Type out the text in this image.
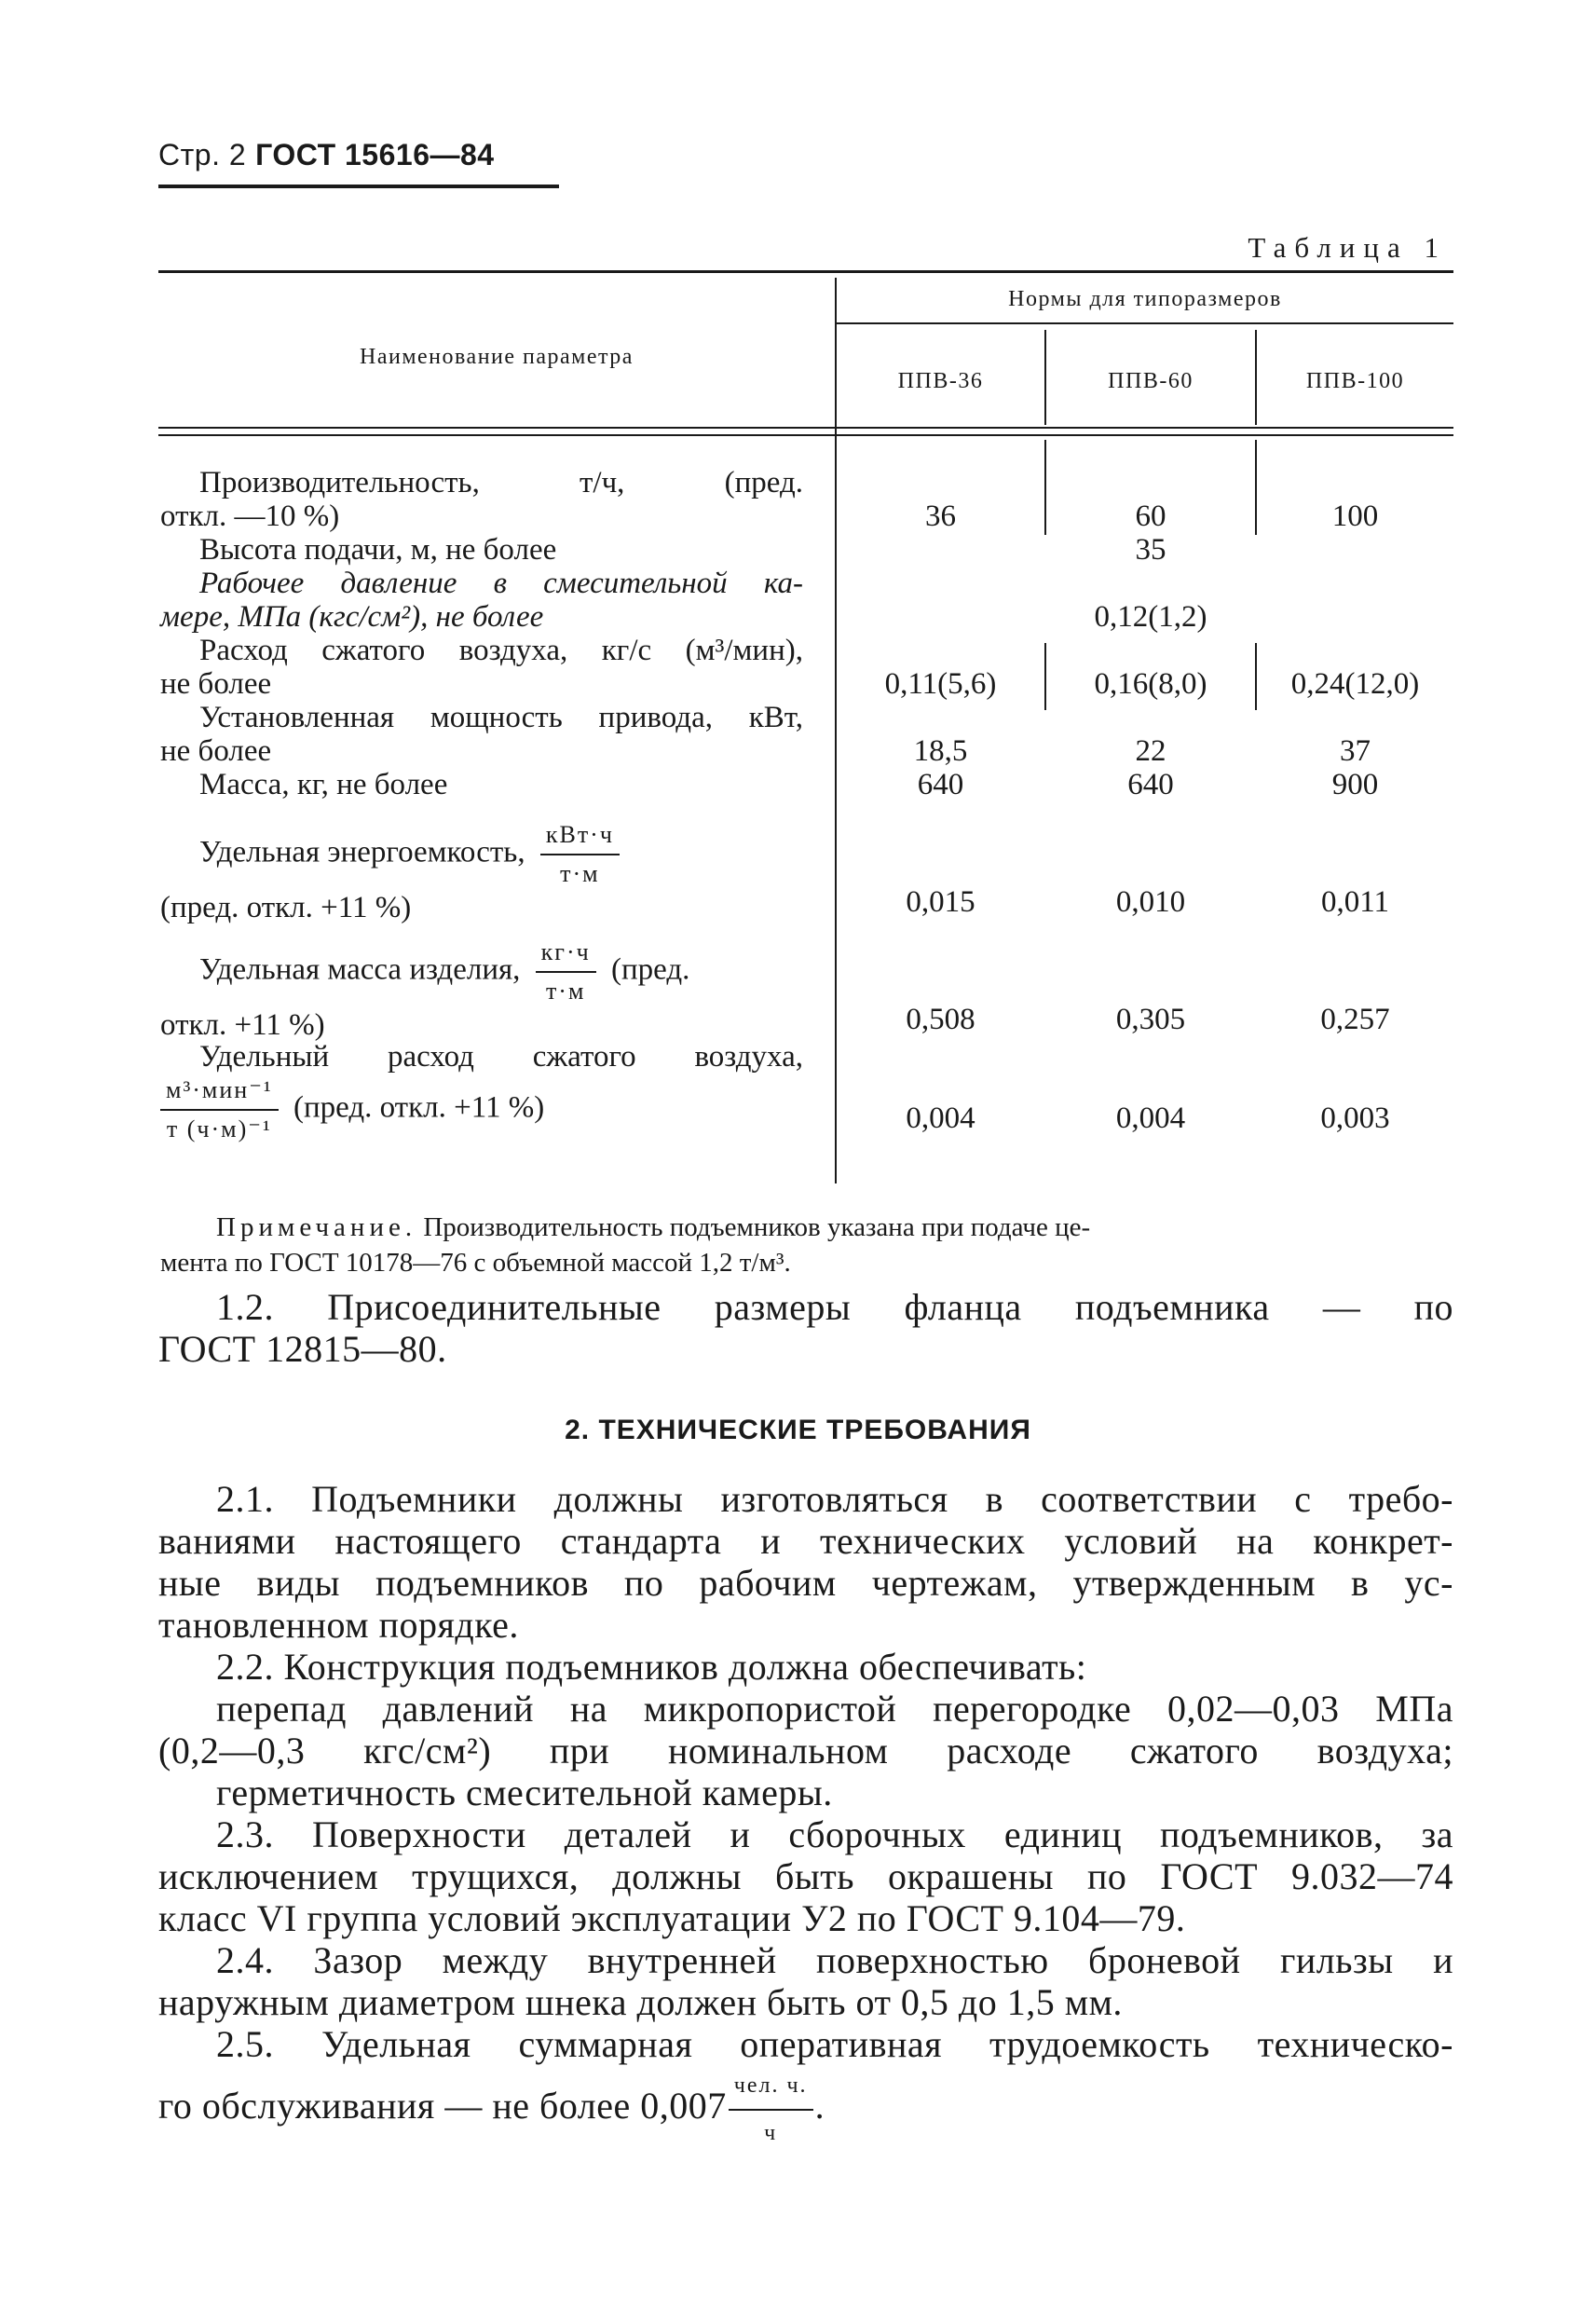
Стр. 2 ГОСТ 15616—84
Таблица 1
Наименование параметра
Нормы для типоразмеров
ППВ-36	ППВ-60	ППВ-100
Производительность, т/ч, (пред.
откл. —10 %)	36	60	100
Высота подачи, м, не более	35
Рабочее давление в смесительной ка-
мере, МПа (кгс/см²), не более	0,12(1,2)
Расход сжатого воздуха, кг/с (м³/мин),
не более	0,11(5,6)	0,16(8,0)	0,24(12,0)
Установленная мощность привода, кВт,
не более	18,5	22	37
Масса, кг, не более	640	640	900
Удельная энергоемкость, $\frac{\text{кВт·ч}}{т\cdot м}$
(пред. откл. +11 %)	0,015	0,010	0,011
Удельная масса изделия, $\frac{кг\cdot ч}{т\cdot м}$ (пред.
откл. +11 %)	0,508	0,305	0,257
Удельный расход сжатого воздуха,
$\frac{\text{м³·мин⁻¹}}{\text{т (ч·м)⁻¹}}$ (пред. откл. +11 %)	0,004	0,004	0,003
Примечание. Производительность подъемников указана при подаче це-
мента по ГОСТ 10178—76 с объемной массой 1,2 т/м³.
1.2. Присоединительные размеры фланца подъемника — по
ГОСТ 12815—80.
2. ТЕХНИЧЕСКИЕ ТРЕБОВАНИЯ
2.1. Подъемники должны изготовляться в соответствии с требо-
ваниями настоящего стандарта и технических условий на конкрет-
ные виды подъемников по рабочим чертежам, утвержденным в ус-
тановленном порядке.
2.2. Конструкция подъемников должна обеспечивать:
перепад давлений на микропористой перегородке 0,02—0,03 МПа
(0,2—0,3 кгс/см²) при номинальном расходе сжатого воздуха;
герметичность смесительной камеры.
2.3. Поверхности деталей и сборочных единиц подъемников, за
исключением трущихся, должны быть окрашены по ГОСТ 9.032—74
класс VI группа условий эксплуатации У2 по ГОСТ 9.104—79.
2.4. Зазор между внутренней поверхностью броневой гильзы и
наружным диаметром шнека должен быть от 0,5 до 1,5 мм.
2.5. Удельная суммарная оперативная трудоемкость техническо-
го обслуживания — не более $0,007 \frac{\text{чел. ч.}}{ч}$ .
